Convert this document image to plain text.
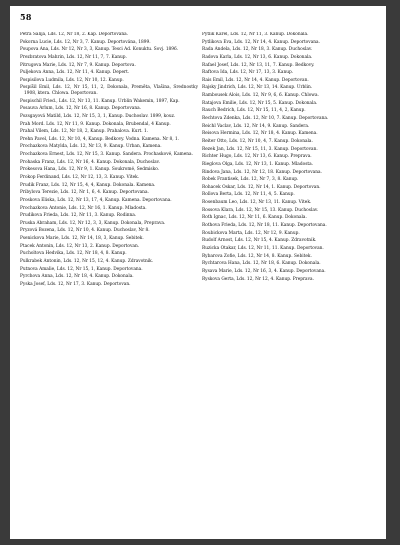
58

Petra Salija, Lds. 12, Nr 18, 2. Kap. Deportovana.

Pokorna Lucie, Lds. 12, Nr 3, 7. Kanup. Deportována, 1899.

Poupova Ana, Lds. Nr 12, Nr 3, 3, Kanup. Tesci Ad. Konuktu. Sovj. 1896.

Prezbratova Mahrin, Lds. 12, Nr 11, 7, 7. Kanup.

Pitrugova Marie, Lds. 12, Nr 7, 9. Kanup. Deportova.

Puljekova Anna, Lds. 12, Nr 11, 4. Kanup. Depert.

Pospisilova Ludmila, Lds. 12, Nr 10, 12. Kanup.

Pospíšil Emil, Lds. 12, Nr 15, 11, 2, Dokonala, Preměta, Vlašina, Srednostky 1908, ktera. Chlowa. Deportovan.

Pospischil Fried., Lds. 12, Nr 13, 11. Kanup. Urblin Wakemin, 1897, Kap.

Posauva Arlum, Lds. 12, Nr 16, 8. Kanup. Deportovana.

Pozsgayová Matild, Lds. 12, Nr 15, 3, 1, Kanup. Duchoslav. 1899, kouz.

Prah Mord. Lds. 12, Nr 11, 9. Kanup. Dokonala, Brubendal, 4 Kanup.

Prahal Vilem, Lds. 12, Nr 18, 2, Kanup. Prahalova. Kurt. 1.

Prehn Pavel, Lds. 12, Nr 10, 4, Kanup. Bedkovy. Vodna. Kamena. Nr 8, 1.

Prochazkova Matylda, Lds. 12, Nr 13, 9. Kanup. Urban, Kamena.

Prochazkova Ernest, Lds. 12, Nr 15, 3. Kanup. Sandera. Prochaskové, Kamena.

Prohaska Franz, Lds. 12, Nr 16, 4. Kanup. Dokonala, Duchoslav.

Prokesova Hana, Lds. 12, Nr 9, 1. Kanup. Soukromé, Sedmisko.

Prokop Ferdinand, Lds. 12, Nr 12, 13, 3. Kanup. Vitek.

Prudik Franz, Lds. 12, Nr 15, 4, 4, Kanup. Dokonala. Kamena.

Pribylova Terezie, Lds. 12, Nr 1, 6, 4. Kanup. Deportovana.

Proskova Eliska, Lds. 12, Nr 13, 17, 4, Kanup. Kamena. Deportovana.

Prochazkova Antonie, Lds. 12, Nr 16, 1. Kanup. Mladosta.

Prudikova Frieda, Lds. 12, Nr 11, 3. Kanup. Rodinna.

Pruska Abraham, Lds. 12, Nr 12, 3, 3, Kanup. Dokonala, Preprava.

Pryzová Bozena, Lds. 12, Nr 10, 4. Kanup. Duchoslav, Nr 8.

Psenickova Marie, Lds. 12, Nr 14, 18, 3, Kanup. Sebitek.

Ptacek Antonin, Lds. 12, Nr 13, 2. Kanup. Deportovan.

Pucholtova Hedvika, Lds. 12, Nr 18, 4, 8. Kanup.

Pulkrabek Antonin, Lds. 12, Nr 15, 12, 4. Kanup. Zdravotnik.

Putnova Amalie, Lds. 12, Nr 15, 1, Kanup. Deportovana.

Pyrchova Anna, Lds. 12, Nr 18, 4. Kanup. Dokonala.

Pyska Josef, Lds. 12, Nr 17, 3. Kanup. Deportovan.

Pytlik Karel, Lds. 12, Nr 11, 3. Kanup. Dokonala.

Pytlikova Eva, Lds. 12, Nr 14, 4. Kanup. Deportovana.

Rada Andela, Lds. 12, Nr 18, 3. Kanup. Duchoslav.

Radova Karla, Lds. 12, Nr 13, 6. Kanup. Dokonala.

Rafael Josef, Lds. 12, Nr 13, 11, 7. Kanup. Bedkovy.

Raftova Ida, Lds. 12, Nr 17, 13, 3. Kanup.

Rais Emil, Lds. 12, Nr 14, 4. Kanup. Deportovan.

Rajsky Jindrich, Lds. 12, Nr 13, 14. Kanup. Urblin.

Rambousek Alois, Lds. 12, Nr 9, 6, 6. Kanup. Chlowa.

Ratajova Emilie, Lds. 12, Nr 15, 5. Kanup. Dokonala.

Rauch Bedrich, Lds. 12, Nr 15, 11, 4, 2, Kanup.

Rechtova Zdenka, Lds. 12, Nr 10, 7. Kanup. Deportovana.

Reichl Vaclav, Lds. 12, Nr 14, 9. Kanup. Sandera.

Reisova Hermina, Lds. 12, Nr 18, 4. Kanup. Kamena.

Reiter Otto, Lds. 12, Nr 10, 4, 7. Kanup. Dokonala.

Rezek Jan, Lds. 12, Nr 15, 11, 3. Kanup. Deportovan.

Richter Hugo, Lds. 12, Nr 13, 6. Kanup. Preprava.

Rieglova Olga, Lds. 12, Nr 13, 1. Kanup. Mladosta.

Rindova Jana, Lds. 12, Nr 12, 18. Kanup. Deportovana.

Robek Frantisek, Lds. 12, Nr 7, 3, 8. Kanup.

Rohacek Oskar, Lds. 12, Nr 14, 1. Kanup. Deportovan.

Rollova Berta, Lds. 12, Nr 11, 4, 5. Kanup.

Rosenbaum Leo, Lds. 12, Nr 13, 11. Kanup. Vitek.

Rossova Klara, Lds. 12, Nr 15, 13. Kanup. Duchoslav.

Roth Ignac, Lds. 12, Nr 11, 6. Kanup. Dokonala.

Rothova Frieda, Lds. 12, Nr 18, 11. Kanup. Deportovana.

Roubickova Marta, Lds. 12, Nr 12, 9. Kanup.

Rudolf Arnost, Lds. 12, Nr 15, 4. Kanup. Zdravotnik.

Ruzicka Otakar, Lds. 12, Nr 11, 11. Kanup. Deportovan.

Rybarova Zofie, Lds. 12, Nr 14, 8. Kanup. Sebitek.

Rychtarova Hana, Lds. 12, Nr 18, 6. Kanup. Dokonala.

Rysava Marie, Lds. 12, Nr 16, 3, 4. Kanup. Deportovana.

Ryskova Gerta, Lds. 12, Nr 12, 4. Kanup. Preprava.
